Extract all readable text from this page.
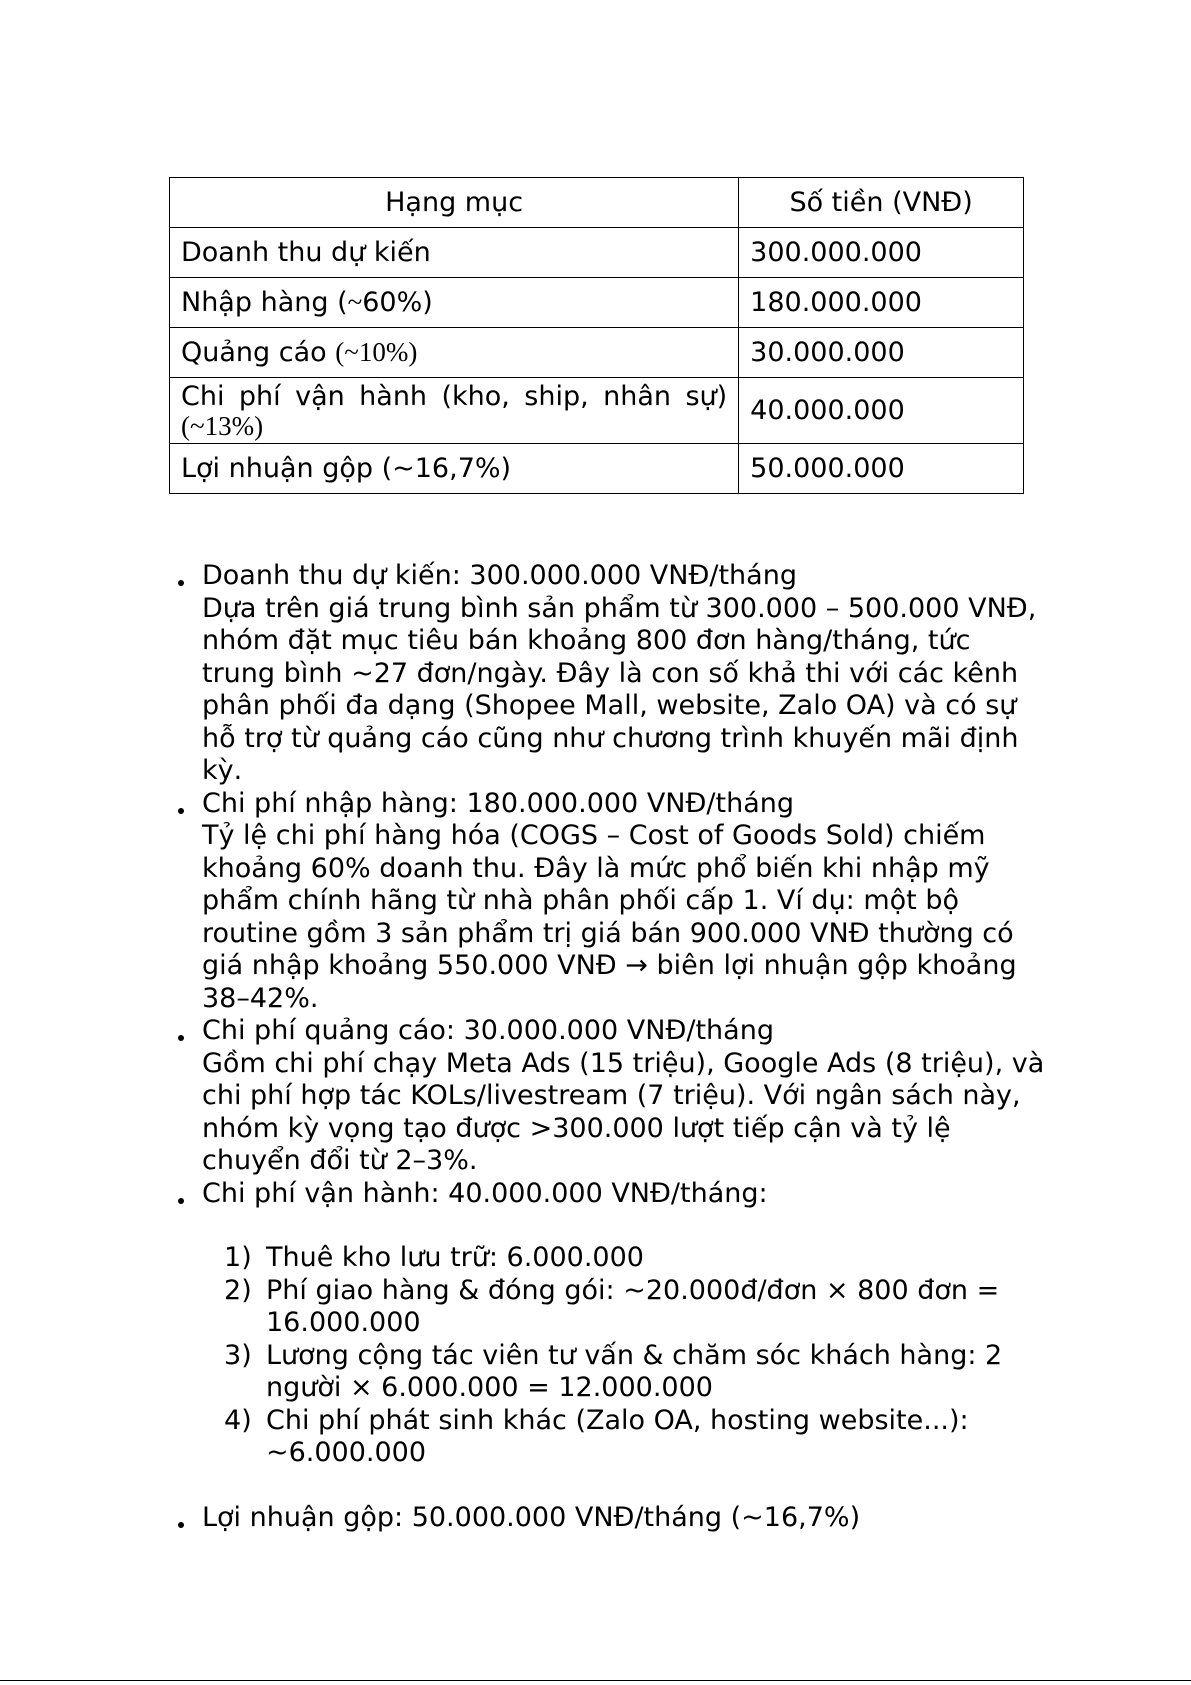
Hạng mục	Số tiền (VNĐ)
Doanh thu dự kiến	300.000.000
Nhập hàng (~60%)	180.000.000
Quảng cáo (~10%)	30.000.000

Chi phí vận hành (kho, ship, nhân sự)
(~13%)	40.000.000
Lợi nhuận gộp (~16,7%)	50.000.000
Doanh thu dự kiến: 300.000.000 VNĐ/tháng
Dựa trên giá trung bình sản phẩm từ 300.000 – 500.000 VNĐ, nhóm đặt mục tiêu bán khoảng 800 đơn hàng/tháng, tức trung bình ~27 đơn/ngày. Đây là con số khả thi với các kênh phân phối đa dạng (Shopee Mall, website, Zalo OA) và có sự hỗ trợ từ quảng cáo cũng như chương trình khuyến mãi định kỳ.
Chi phí nhập hàng: 180.000.000 VNĐ/tháng
Tỷ lệ chi phí hàng hóa (COGS – Cost of Goods Sold) chiếm khoảng 60% doanh thu. Đây là mức phổ biến khi nhập mỹ phẩm chính hãng từ nhà phân phối cấp 1. Ví dụ: một bộ routine gồm 3 sản phẩm trị giá bán 900.000 VNĐ thường có giá nhập khoảng 550.000 VNĐ → biên lợi nhuận gộp khoảng 38–42%.
Chi phí quảng cáo: 30.000.000 VNĐ/tháng
Gồm chi phí chạy Meta Ads (15 triệu), Google Ads (8 triệu), và chi phí hợp tác KOLs/livestream (7 triệu). Với ngân sách này, nhóm kỳ vọng tạo được >300.000 lượt tiếp cận và tỷ lệ chuyển đổi từ 2–3%.
Chi phí vận hành: 40.000.000 VNĐ/tháng:
Thuê kho lưu trữ: 6.000.000
Phí giao hàng & đóng gói: ~20.000đ/đơn × 800 đơn = 16.000.000
Lương cộng tác viên tư vấn & chăm sóc khách hàng: 2 người × 6.000.000 = 12.000.000
Chi phí phát sinh khác (Zalo OA, hosting website...): ~6.000.000
Lợi nhuận gộp: 50.000.000 VNĐ/tháng (~16,7%)
